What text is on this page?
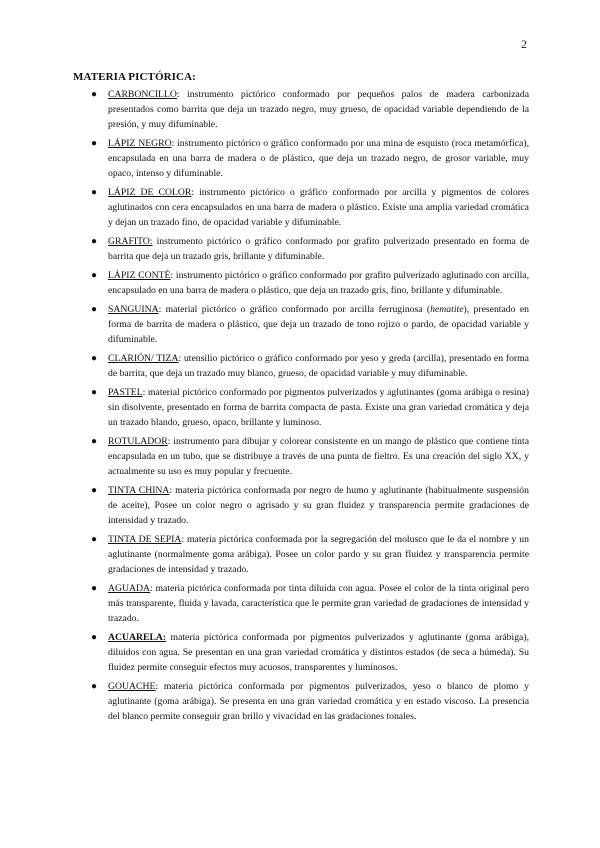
2
MATERIA PICTÓRICA:
● CARBONCILLO: instrumento pictórico conformado por pequeños palos de madera carbonizada presentados como barrita que deja un trazado negro, muy grueso, de opacidad variable dependiendo de la presión, y muy difuminable.
● LÁPIZ NEGRO: instrumento pictórico o gráfico conformado por una mina de esquisto (roca metamórfica), encapsulada en una barra de madera o de plástico, que deja un trazado negro, de grosor variable, muy opaco, intenso y difuminable.
● LÁPIZ DE COLOR: instrumento pictórico o gráfico conformado por arcilla y pigmentos de colores aglutinados con cera encapsulados en una barra de madera o plástico. Existe una amplia variedad cromática y dejan un trazado fino, de opacidad variable y difuminable.
● GRAFITO: instrumento pictórico o gráfico conformado por grafito pulverizado presentado en forma de barrita que deja un trazado gris, brillante y difuminable.
● LÁPIZ CONTÉ: instrumento pictórico o gráfico conformado por grafito pulverizado aglutinado con arcilla, encapsulado en una barra de madera o plástico, que deja un trazado gris, fino, brillante y difuminable.
● SANGUINA: material pictórico o gráfico conformado por arcilla ferruginosa (hematite), presentado en forma de barrita de madera o plástico, que deja un trazado de tono rojizo o pardo, de opacidad variable y difuminable.
● CLARIÓN/ TIZA: utensilio pictórico o gráfico conformado por yeso y greda (arcilla), presentado en forma de barrita, que deja un trazado muy blanco, grueso, de opacidad variable y muy difuminable.
● PASTEL: material pictórico conformado por pigmentos pulverizados y aglutinantes (goma arábiga o resina) sin disolvente, presentado en forma de barrita compacta de pasta. Existe una gran variedad cromática y deja un trazado blando, grueso, opaco, brillante y luminoso.
● ROTULADOR: instrumento para dibujar y colorear consistente en un mango de plástico que contiene tinta encapsulada en un tubo, que se distribuye a través de una punta de fieltro. Es una creación del siglo XX, y actualmente su uso es muy popular y frecuente.
● TINTA CHINA: materia pictórica conformada por negro de humo y aglutinante (habitualmente suspensión de aceite), Posee un color negro o agrisado y su gran fluidez y transparencia permite gradaciones de intensidad y trazado.
● TINTA DE SEPIA: materia pictórica conformada por la segregación del molusco que le da el nombre y un aglutinante (normalmente goma arábiga). Posee un color pardo y su gran fluidez y transparencia permite gradaciones de intensidad y trazado.
● AGUADA: materia pictórica conformada por tinta diluida con agua. Posee el color de la tinta original pero más transparente, fluida y lavada, característica que le permite gran variedad de gradaciones de intensidad y trazado.
● ACUARELA: materia pictórica conformada por pigmentos pulverizados y aglutinante (goma arábiga), diluidos con agua. Se presentan en una gran variedad cromática y distintos estados (de seca a húmeda). Su fluidez permite conseguir efectos muy acuosos, transparentes y luminosos.
● GOUACHE: materia pictórica conformada por pigmentos pulverizados, yeso o blanco de plomo y aglutinante (goma arábiga). Se presenta en una gran variedad cromática y en estado viscoso. La presencia del blanco permite conseguir gran brillo y vivacidad en las gradaciones tonales.
